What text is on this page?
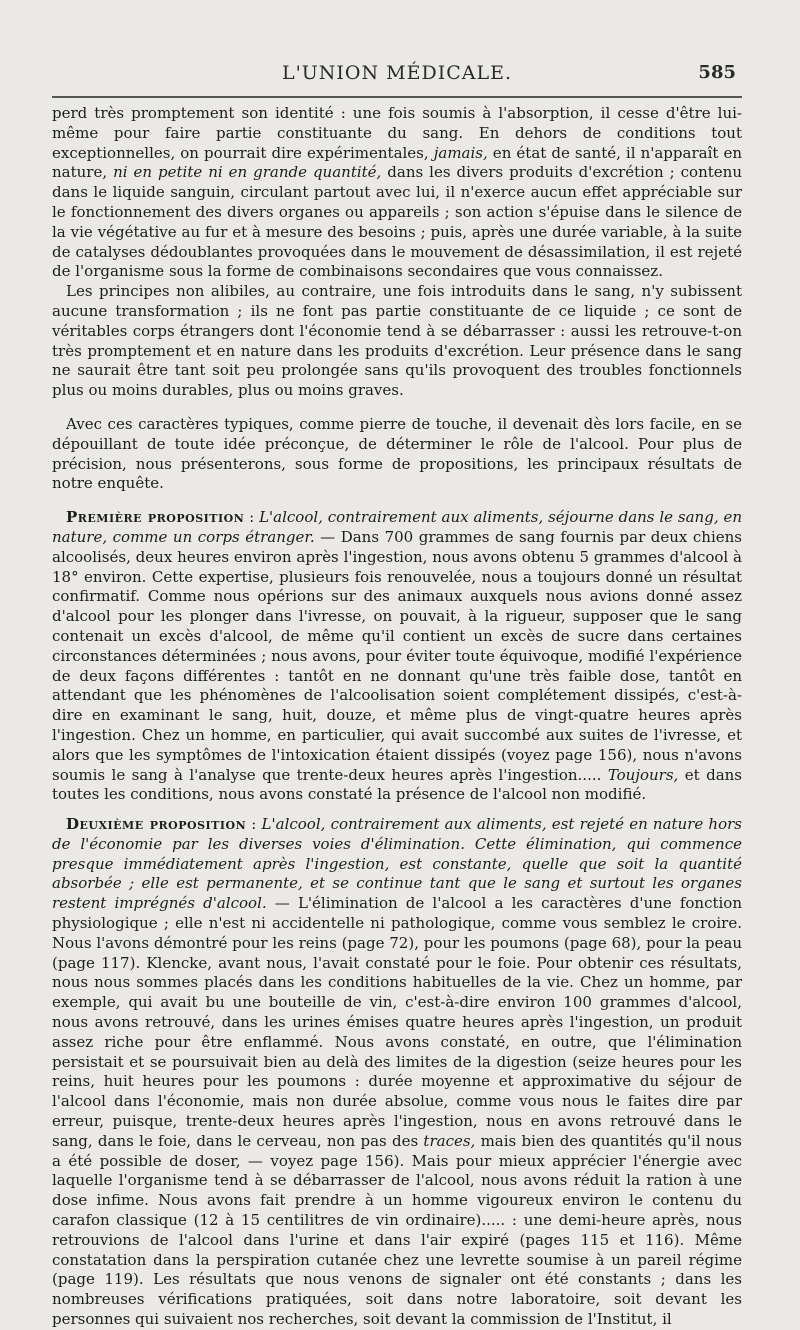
L'UNION MÉDICALE.	585

perd très promptement son identité : une fois soumis à l'absorption, il cesse d'être lui-même pour faire partie constituante du sang. En dehors de conditions tout exceptionnelles, on pourrait dire expérimentales, jamais, en état de santé, il n'apparaît en nature, ni en petite ni en grande quantité, dans les divers produits d'excrétion ; contenu dans le liquide sanguin, circulant partout avec lui, il n'exerce aucun effet appréciable sur le fonctionnement des divers organes ou appareils ; son action s'épuise dans le silence de la vie végétative au fur et à mesure des besoins ; puis, après une durée variable, à la suite de catalyses dédoublantes provoquées dans le mouvement de désassimilation, il est rejeté de l'organisme sous la forme de combinaisons secondaires que vous connaissez.

Les principes non alibiles, au contraire, une fois introduits dans le sang, n'y subissent aucune transformation ; ils ne font pas partie constituante de ce liquide ; ce sont de véritables corps étrangers dont l'économie tend à se débarrasser : aussi les retrouve-t-on très promptement et en nature dans les produits d'excrétion. Leur présence dans le sang ne saurait être tant soit peu prolongée sans qu'ils provoquent des troubles fonctionnels plus ou moins durables, plus ou moins graves.

Avec ces caractères typiques, comme pierre de touche, il devenait dès lors facile, en se dépouillant de toute idée préconçue, de déterminer le rôle de l'alcool. Pour plus de précision, nous présenterons, sous forme de propositions, les principaux résultats de notre enquête.

Première proposition : L'alcool, contrairement aux aliments, séjourne dans le sang, en nature, comme un corps étranger. — Dans 700 grammes de sang fournis par deux chiens alcoolisés, deux heures environ après l'ingestion, nous avons obtenu 5 grammes d'alcool à 18° environ. Cette expertise, plusieurs fois renouvelée, nous a toujours donné un résultat confirmatif. Comme nous opérions sur des animaux auxquels nous avions donné assez d'alcool pour les plonger dans l'ivresse, on pouvait, à la rigueur, supposer que le sang contenait un excès d'alcool, de même qu'il contient un excès de sucre dans certaines circonstances déterminées ; nous avons, pour éviter toute équivoque, modifié l'expérience de deux façons différentes : tantôt en ne donnant qu'une très faible dose, tantôt en attendant que les phénomènes de l'alcoolisation soient complétement dissipés, c'est-à-dire en examinant le sang, huit, douze, et même plus de vingt-quatre heures après l'ingestion. Chez un homme, en particulier, qui avait succombé aux suites de l'ivresse, et alors que les symptômes de l'intoxication étaient dissipés (voyez page 156), nous n'avons soumis le sang à l'analyse que trente-deux heures après l'ingestion..... Toujours, et dans toutes les conditions, nous avons constaté la présence de l'alcool non modifié.

Deuxième proposition : L'alcool, contrairement aux aliments, est rejeté en nature hors de l'économie par les diverses voies d'élimination. Cette élimination, qui commence presque immédiatement après l'ingestion, est constante, quelle que soit la quantité absorbée ; elle est permanente, et se continue tant que le sang et surtout les organes restent imprégnés d'alcool. — L'élimination de l'alcool a les caractères d'une fonction physiologique ; elle n'est ni accidentelle ni pathologique, comme vous semblez le croire. Nous l'avons démontré pour les reins (page 72), pour les poumons (page 68), pour la peau (page 117). Klencke, avant nous, l'avait constaté pour le foie. Pour obtenir ces résultats, nous nous sommes placés dans les conditions habituelles de la vie. Chez un homme, par exemple, qui avait bu une bouteille de vin, c'est-à-dire environ 100 grammes d'alcool, nous avons retrouvé, dans les urines émises quatre heures après l'ingestion, un produit assez riche pour être enflammé. Nous avons constaté, en outre, que l'élimination persistait et se poursuivait bien au delà des limites de la digestion (seize heures pour les reins, huit heures pour les poumons : durée moyenne et approximative du séjour de l'alcool dans l'économie, mais non durée absolue, comme vous nous le faites dire par erreur, puisque, trente-deux heures après l'ingestion, nous en avons retrouvé dans le sang, dans le foie, dans le cerveau, non pas des traces, mais bien des quantités qu'il nous a été possible de doser, — voyez page 156). Mais pour mieux apprécier l'énergie avec laquelle l'organisme tend à se débarrasser de l'alcool, nous avons réduit la ration à une dose infime. Nous avons fait prendre à un homme vigoureux environ le contenu du carafon classique (12 à 15 centilitres de vin ordinaire)..... : une demi-heure après, nous retrouvions de l'alcool dans l'urine et dans l'air expiré (pages 115 et 116). Même constatation dans la perspiration cutanée chez une levrette soumise à un pareil régime (page 119). Les résultats que nous venons de signaler ont été constants ; dans les nombreuses vérifications pratiquées, soit dans notre laboratoire, soit devant les personnes qui suivaient nos recherches, soit devant la commission de l'Institut, il
